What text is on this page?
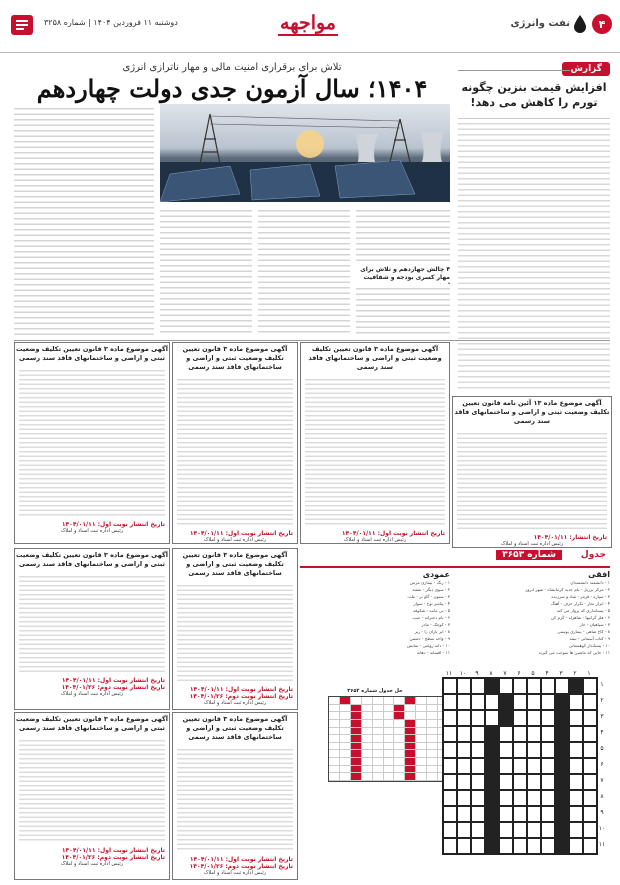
۴
نفت وانرژی
مواجهه
دوشنبه ۱۱ فروردین ۱۴۰۴ | شماره ۳۲۵۸
گزارش
افزایش قیمت بنزین چگونه تورم را کاهش می دهد!
تلاش برای برقراری امنیت مالی و مهار ناترازی انرژی
۱۴۰۴؛ سال آزمون جدی دولت چهاردهم
۴ چالش جهاردهم و تلاش برای مهار کسری بودجه و شفافیت
آگهی موضوع ماده ۱۳ آئین نامه قانون تعیین تکلیف وضعیت ثبتی و اراضی و ساختمانهای فاقد سند رسمی
تاریخ انتشار: ۱۴۰۴/۰۱/۱۱
رئیس اداره ثبت اسناد و املاک
آگهی موضوع ماده ۳ قانون تعیین تکلیف وضعیت ثبتی و اراضی و ساختمانهای فاقد سند رسمی
تاریخ انتشار نوبت اول: ۱۴۰۴/۰۱/۱۱
رئیس اداره ثبت اسناد و املاک
آگهی موضوع ماده ۳ قانون تعیین تکلیف وضعیت ثبتی و اراضی و ساختمانهای فاقد سند رسمی
تاریخ انتشار نوبت اول: ۱۴۰۴/۰۱/۱۱
رئیس اداره ثبت اسناد و املاک
آگهی موضوع ماده ۳ قانون تعیین تکلیف وضعیت ثبتی و اراضی و ساختمانهای فاقد سند رسمی
تاریخ انتشار نوبت اول: ۱۴۰۴/۰۱/۱۱
رئیس اداره ثبت اسناد و املاک
آگهی موضوع ماده ۳ قانون تعیین تکلیف وضعیت ثبتی و اراضی و ساختمانهای فاقد سند رسمی
تاریخ انتشار نوبت اول: ۱۴۰۴/۰۱/۱۱
تاریخ انتشار نوبت دوم: ۱۴۰۴/۰۱/۲۶
رئیس اداره ثبت اسناد و املاک
آگهی موضوع ماده ۳ قانون تعیین تکلیف وضعیت ثبتی و اراضی و ساختمانهای فاقد سند رسمی
تاریخ انتشار نوبت اول: ۱۴۰۴/۰۱/۱۱
تاریخ انتشار نوبت دوم: ۱۴۰۴/۰۱/۲۶
رئیس اداره ثبت اسناد و املاک
آگهی موضوع ماده ۳ قانون تعیین تکلیف وضعیت ثبتی و اراضی و ساختمانهای فاقد سند رسمی
تاریخ انتشار نوبت اول: ۱۴۰۴/۰۱/۱۱
تاریخ انتشار نوبت دوم: ۱۴۰۴/۰۱/۲۶
رئیس اداره ثبت اسناد و املاک
آگهی موضوع ماده ۳ قانون تعیین تکلیف وضعیت ثبتی و اراضی و ساختمانهای فاقد سند رسمی
تاریخ انتشار نوبت اول: ۱۴۰۴/۰۱/۱۱
تاریخ انتشار نوبت دوم: ۱۴۰۴/۰۱/۲۶
رئیس اداره ثبت اسناد و املاک
جدول
شماره ۳۶۵۳
افقی
۱ - دانشمند دانشمندان
۲ - مرکز برزیل - نام جدید کرمانشاه - شهر ابروز
۳ - سیاره - قرمز - شاد و سرزنده
۴ - ابزار نجار - تکرار حرف - آهنگ
۵ - پستانداری که پرواز می کند
۶ - فلز گرانبها - شاهراه - گرم کن
۷ - سپاهیان - خار
۸ - کاخ شاهی - بیماری پوستی
۹ - کتاب آسمانی - نیمه
۱۰ - پستاندار کوهستانی
۱۱ - جایی که ماشین ها سوخت می گیرند
عمودی
۱ - رنگ - بیماری مزمن
۲ - سوی دیگر - نقشه
۳ - ستون - گاو نر - ملت
۴ - پیامبر نوح - سوار
۵ - بی مانند - شکوفه
۶ - نام دخترانه - جیب
۷ - کوچک - مادر
۸ - ابر باران زا - زیر
۹ - واحد سطح - دشمن
۱۰ - دانه روغنی - نمایش
۱۱ - افسانه - دهانه
حل جدول شماره ۳۶۵۲
۱۱	۱۰	۹	۸	۷	۶	۵	۴	۳	۲	۱
۱
۲
۳
۴
۵
۶
۷
۸
۹
۱۰
۱۱
